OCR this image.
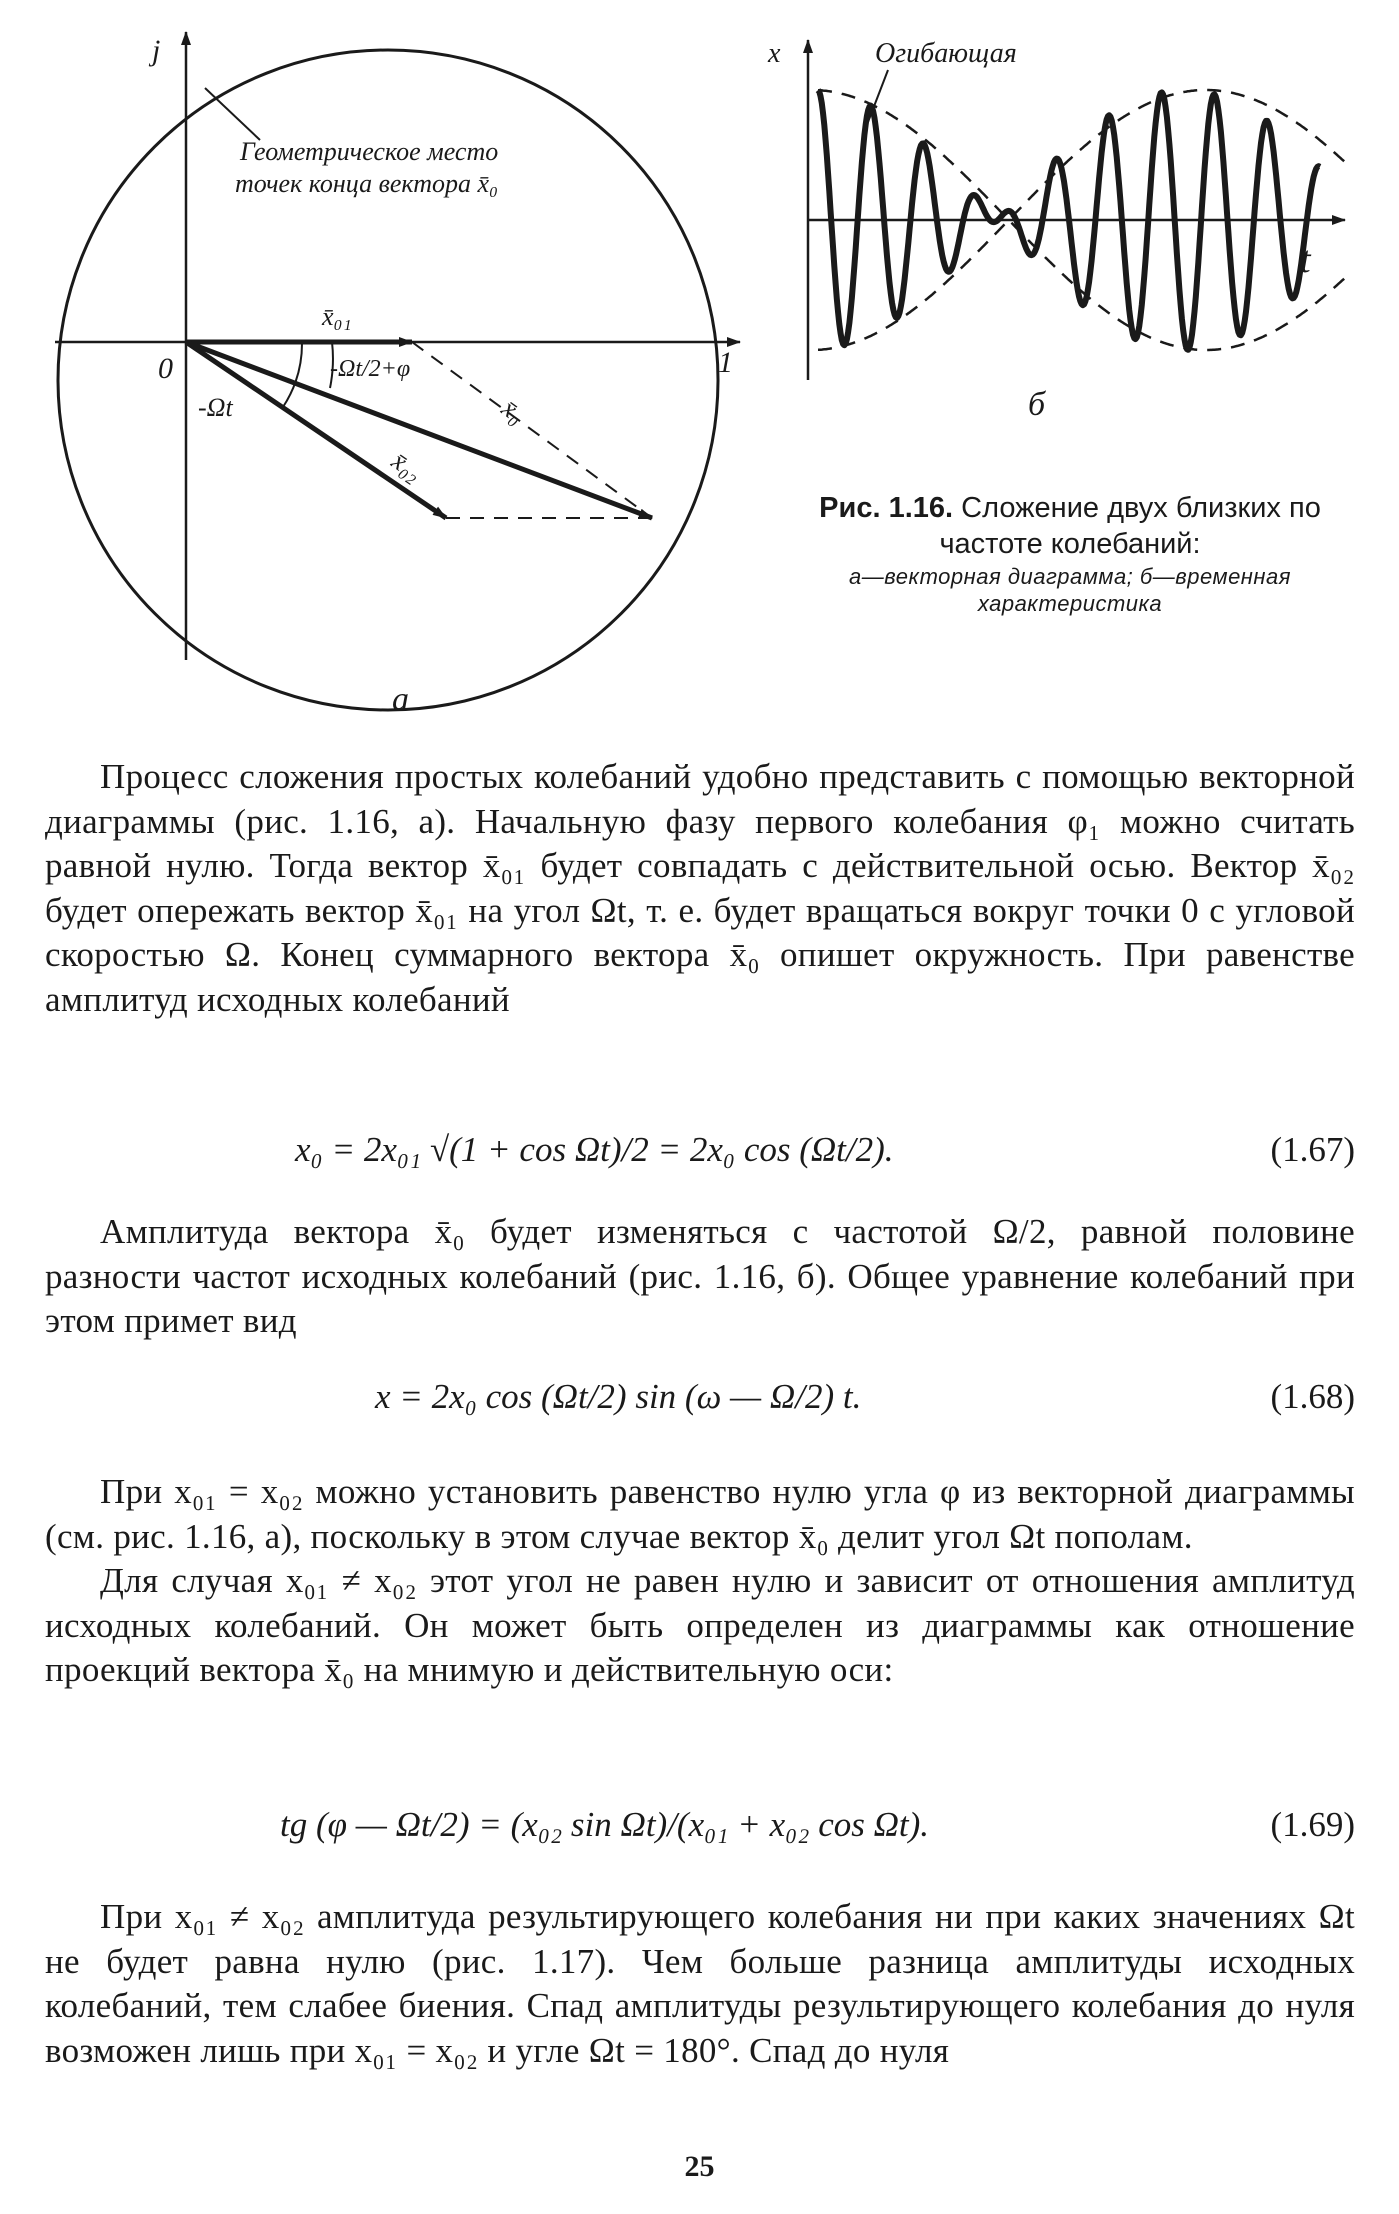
j
1
0
Геометрическое место
точек конца вектора x̄₀
x̄₀₁
x̄₀₂
x̄₀
-Ωt/2+φ
-Ωt
а
x
t
Огибающая
б
Рис. 1.16. Сложение двух близких по частоте колебаний:
а—векторная диаграмма; б—временная характеристика

Процесс сложения простых колебаний удобно представить с помощью векторной диаграммы (рис. 1.16, а). Начальную фазу первого колебания φ₁ можно считать равной нулю. Тогда вектор x̄₀₁ будет совпадать с действительной осью. Вектор x̄₀₂ будет опережать вектор x̄₀₁ на угол Ωt, т. е. будет вращаться вокруг точки 0 с угловой скоростью Ω. Конец суммарного вектора x̄₀ опишет окружность. При равенстве амплитуд исходных колебаний

x₀ = 2x₀₁ √(1 + cos Ωt)/2 = 2x₀ cos (Ωt/2).	(1.67)

Амплитуда вектора x̄₀ будет изменяться с частотой Ω/2, равной половине разности частот исходных колебаний (рис. 1.16, б). Общее уравнение колебаний при этом примет вид

x = 2x₀ cos (Ωt/2) sin (ω — Ω/2) t.	(1.68)

При x₀₁ = x₀₂ можно установить равенство нулю угла φ из векторной диаграммы (см. рис. 1.16, а), поскольку в этом случае вектор x̄₀ делит угол Ωt пополам.

Для случая x₀₁ ≠ x₀₂ этот угол не равен нулю и зависит от отношения амплитуд исходных колебаний. Он может быть определен из диаграммы как отношение проекций вектора x̄₀ на мнимую и действительную оси:

tg (φ — Ωt/2) = (x₀₂ sin Ωt)/(x₀₁ + x₀₂ cos Ωt).	(1.69)

При x₀₁ ≠ x₀₂ амплитуда результирующего колебания ни при каких значениях Ωt не будет равна нулю (рис. 1.17). Чем больше разница амплитуды исходных колебаний, тем слабее биения. Спад амплитуды результирующего колебания до нуля возможен лишь при x₀₁ = x₀₂ и угле Ωt = 180°. Спад до нуля

25
